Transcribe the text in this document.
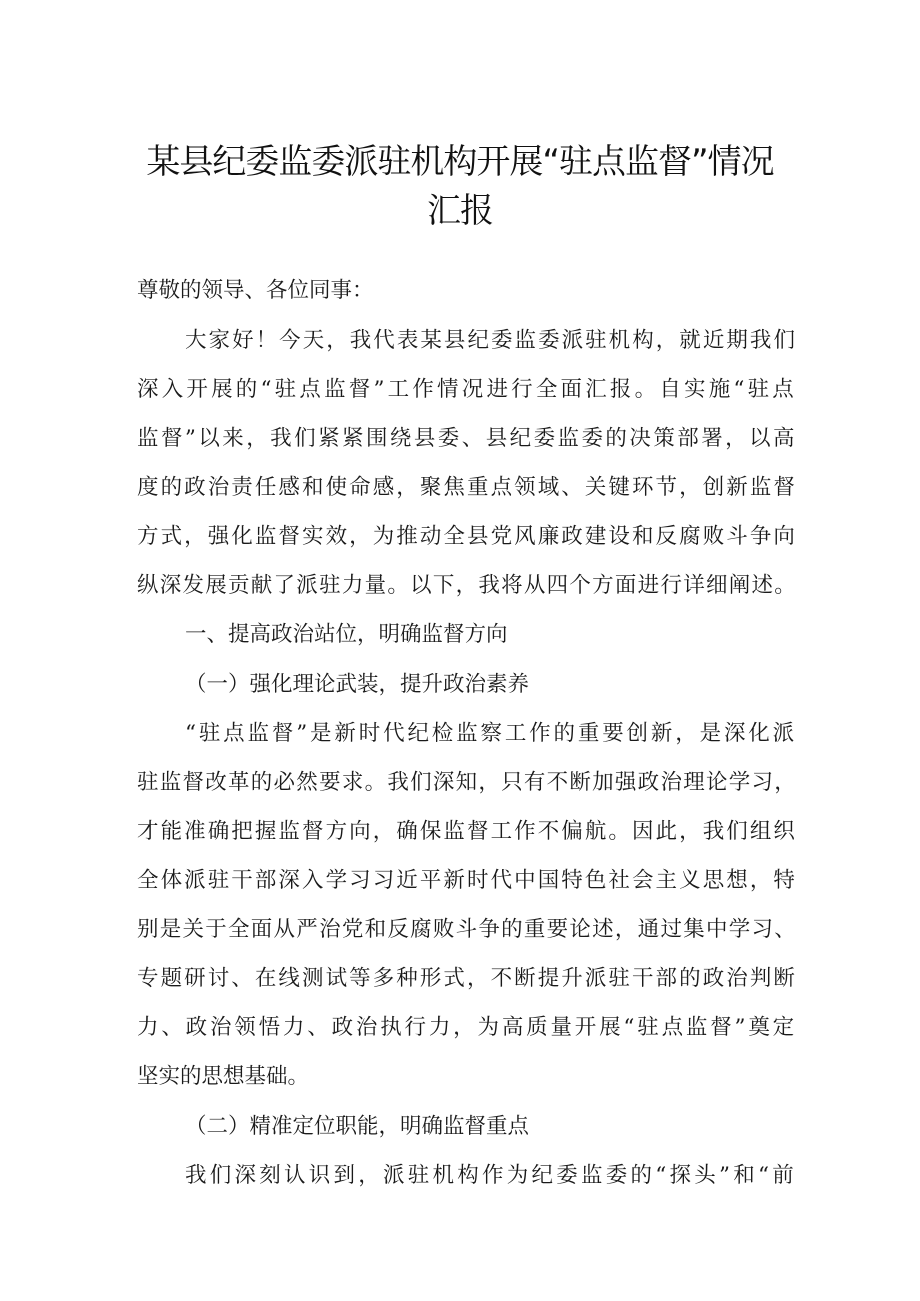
某县纪委监委派驻机构开展“驻点监督”情况
汇报
尊敬的领导、各位同事：
大家好！今天，我代表某县纪委监委派驻机构，就近期我们
深入开展的“驻点监督”工作情况进行全面汇报。自实施“驻点
监督”以来，我们紧紧围绕县委、县纪委监委的决策部署，以高
度的政治责任感和使命感，聚焦重点领域、关键环节，创新监督
方式，强化监督实效，为推动全县党风廉政建设和反腐败斗争向
纵深发展贡献了派驻力量。以下，我将从四个方面进行详细阐述。
一、提高政治站位，明确监督方向
（一）强化理论武装，提升政治素养
“驻点监督”是新时代纪检监察工作的重要创新，是深化派
驻监督改革的必然要求。我们深知，只有不断加强政治理论学习，
才能准确把握监督方向，确保监督工作不偏航。因此，我们组织
全体派驻干部深入学习习近平新时代中国特色社会主义思想，特
别是关于全面从严治党和反腐败斗争的重要论述，通过集中学习、
专题研讨、在线测试等多种形式，不断提升派驻干部的政治判断
力、政治领悟力、政治执行力，为高质量开展“驻点监督”奠定
坚实的思想基础。
（二）精准定位职能，明确监督重点
我们深刻认识到，派驻机构作为纪委监委的“探头”和“前
